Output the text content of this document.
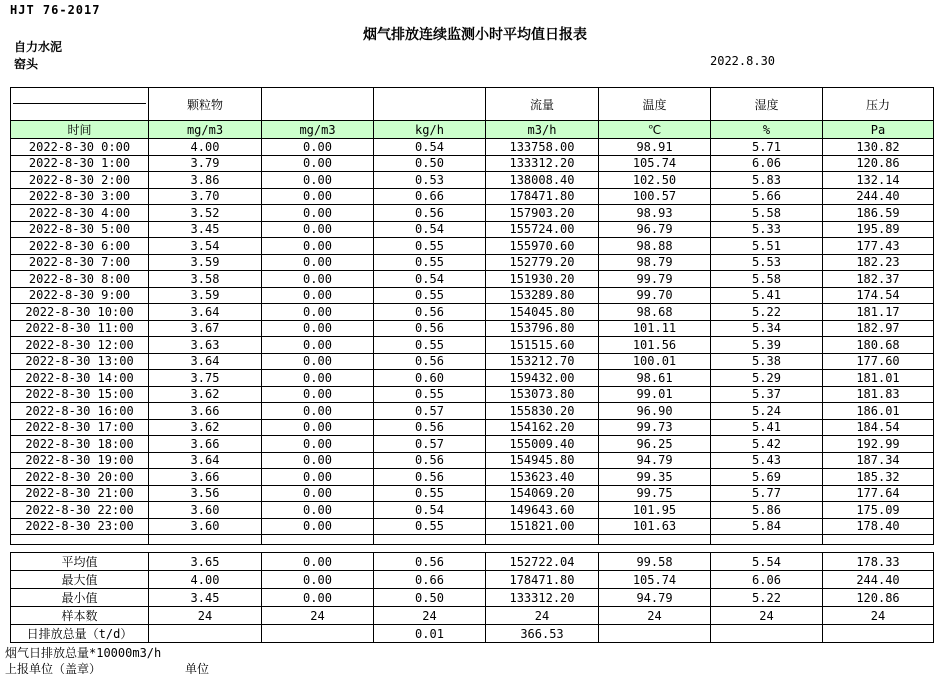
HJT 76-2017
烟气排放连续监测小时平均值日报表
自力水泥
窑头	2022.8.30
	颗粒物			流量	温度	湿度	压力
时间	mg/m3	mg/m3	kg/h	m3/h	℃	%	Pa
2022-8-30 0:00	4.00	0.00	0.54	133758.00	98.91	5.71	130.82
2022-8-30 1:00	3.79	0.00	0.50	133312.20	105.74	6.06	120.86
2022-8-30 2:00	3.86	0.00	0.53	138008.40	102.50	5.83	132.14
2022-8-30 3:00	3.70	0.00	0.66	178471.80	100.57	5.66	244.40
2022-8-30 4:00	3.52	0.00	0.56	157903.20	98.93	5.58	186.59
2022-8-30 5:00	3.45	0.00	0.54	155724.00	96.79	5.33	195.89
2022-8-30 6:00	3.54	0.00	0.55	155970.60	98.88	5.51	177.43
2022-8-30 7:00	3.59	0.00	0.55	152779.20	98.79	5.53	182.23
2022-8-30 8:00	3.58	0.00	0.54	151930.20	99.79	5.58	182.37
2022-8-30 9:00	3.59	0.00	0.55	153289.80	99.70	5.41	174.54
2022-8-30 10:00	3.64	0.00	0.56	154045.80	98.68	5.22	181.17
2022-8-30 11:00	3.67	0.00	0.56	153796.80	101.11	5.34	182.97
2022-8-30 12:00	3.63	0.00	0.55	151515.60	101.56	5.39	180.68
2022-8-30 13:00	3.64	0.00	0.56	153212.70	100.01	5.38	177.60
2022-8-30 14:00	3.75	0.00	0.60	159432.00	98.61	5.29	181.01
2022-8-30 15:00	3.62	0.00	0.55	153073.80	99.01	5.37	181.83
2022-8-30 16:00	3.66	0.00	0.57	155830.20	96.90	5.24	186.01
2022-8-30 17:00	3.62	0.00	0.56	154162.20	99.73	5.41	184.54
2022-8-30 18:00	3.66	0.00	0.57	155009.40	96.25	5.42	192.99
2022-8-30 19:00	3.64	0.00	0.56	154945.80	94.79	5.43	187.34
2022-8-30 20:00	3.66	0.00	0.56	153623.40	99.35	5.69	185.32
2022-8-30 21:00	3.56	0.00	0.55	154069.20	99.75	5.77	177.64
2022-8-30 22:00	3.60	0.00	0.54	149643.60	101.95	5.86	175.09
2022-8-30 23:00	3.60	0.00	0.55	151821.00	101.63	5.84	178.40

平均值	3.65	0.00	0.56	152722.04	99.58	5.54	178.33
最大值	4.00	0.00	0.66	178471.80	105.74	6.06	244.40
最小值	3.45	0.00	0.50	133312.20	94.79	5.22	120.86
样本数	24	24	24	24	24	24	24
日排放总量（t/d）			0.01	366.53			
烟气日排放总量*10000m3/h
上报单位（盖章）	单位
